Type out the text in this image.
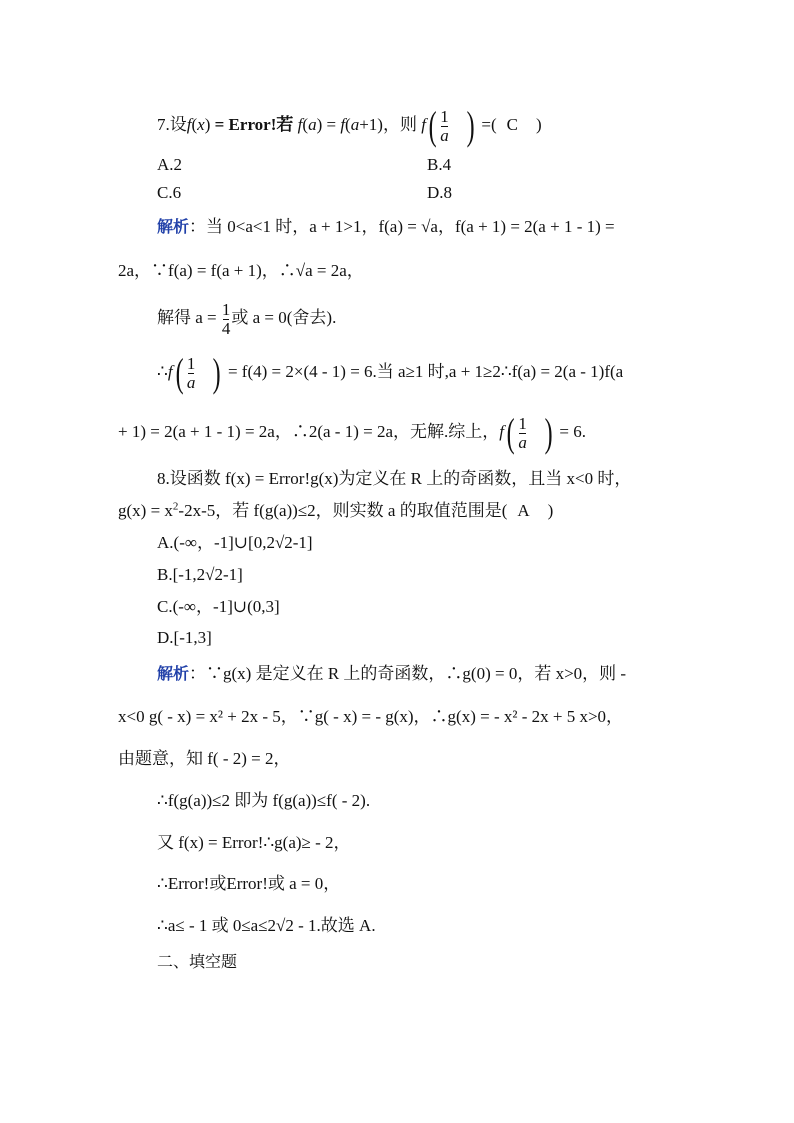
7.设f(x) = Error!若 f(a) = f(a+1)，则 $f( \frac{1}{a}$ ) =( C )
A.2	B.4
C.6	D.8
解析：当 0<a<1 时，a + 1>1，f(a) = √a，f(a + 1) = 2(a + 1 - 1) =
2a，∵f(a) = f(a + 1)，∴√a = 2a，
解得 $a = \frac{1}{4}$ 或 a = 0(舍去).
∴f( $\frac{1}{a}$ ) = f(4) = 2×(4 - 1) = 6.当 a≥1 时,a + 1≥2∴f(a) = 2(a - 1)f(a
+ 1) = 2(a + 1 - 1) = 2a，∴2(a - 1) = 2a，无解.综上，$f( \frac{1}{a}$ ) = 6.
8.设函数 f(x) = Error!g(x)为定义在 R 上的奇函数，且当 x<0 时，
$g(x) = x^2-2x-5$，若 f(g(a))≤2，则实数 a 的取值范围是( A )
A.(-∞，-1]∪[0,2√2-1]
B.[-1,2√2-1]
C.(-∞，-1]∪(0,3]
D.[-1,3]
解析：∵g(x) 是定义在 R 上的奇函数，∴g(0) = 0，若 x>0，则 -
x<0 g( - x) = x² + 2x - 5，∵g( - x) = - g(x)，∴g(x) = - x² - 2x + 5 x>0，
由题意，知 f( - 2) = 2，
∴f(g(a))≤2 即为 f(g(a))≤f( - 2).
又 f(x) = Error!∴g(a)≥ - 2，
∴Error!或Error!或 a = 0，
∴a≤ - 1 或 0≤a≤2√2 - 1.故选 A.
二、填空题
